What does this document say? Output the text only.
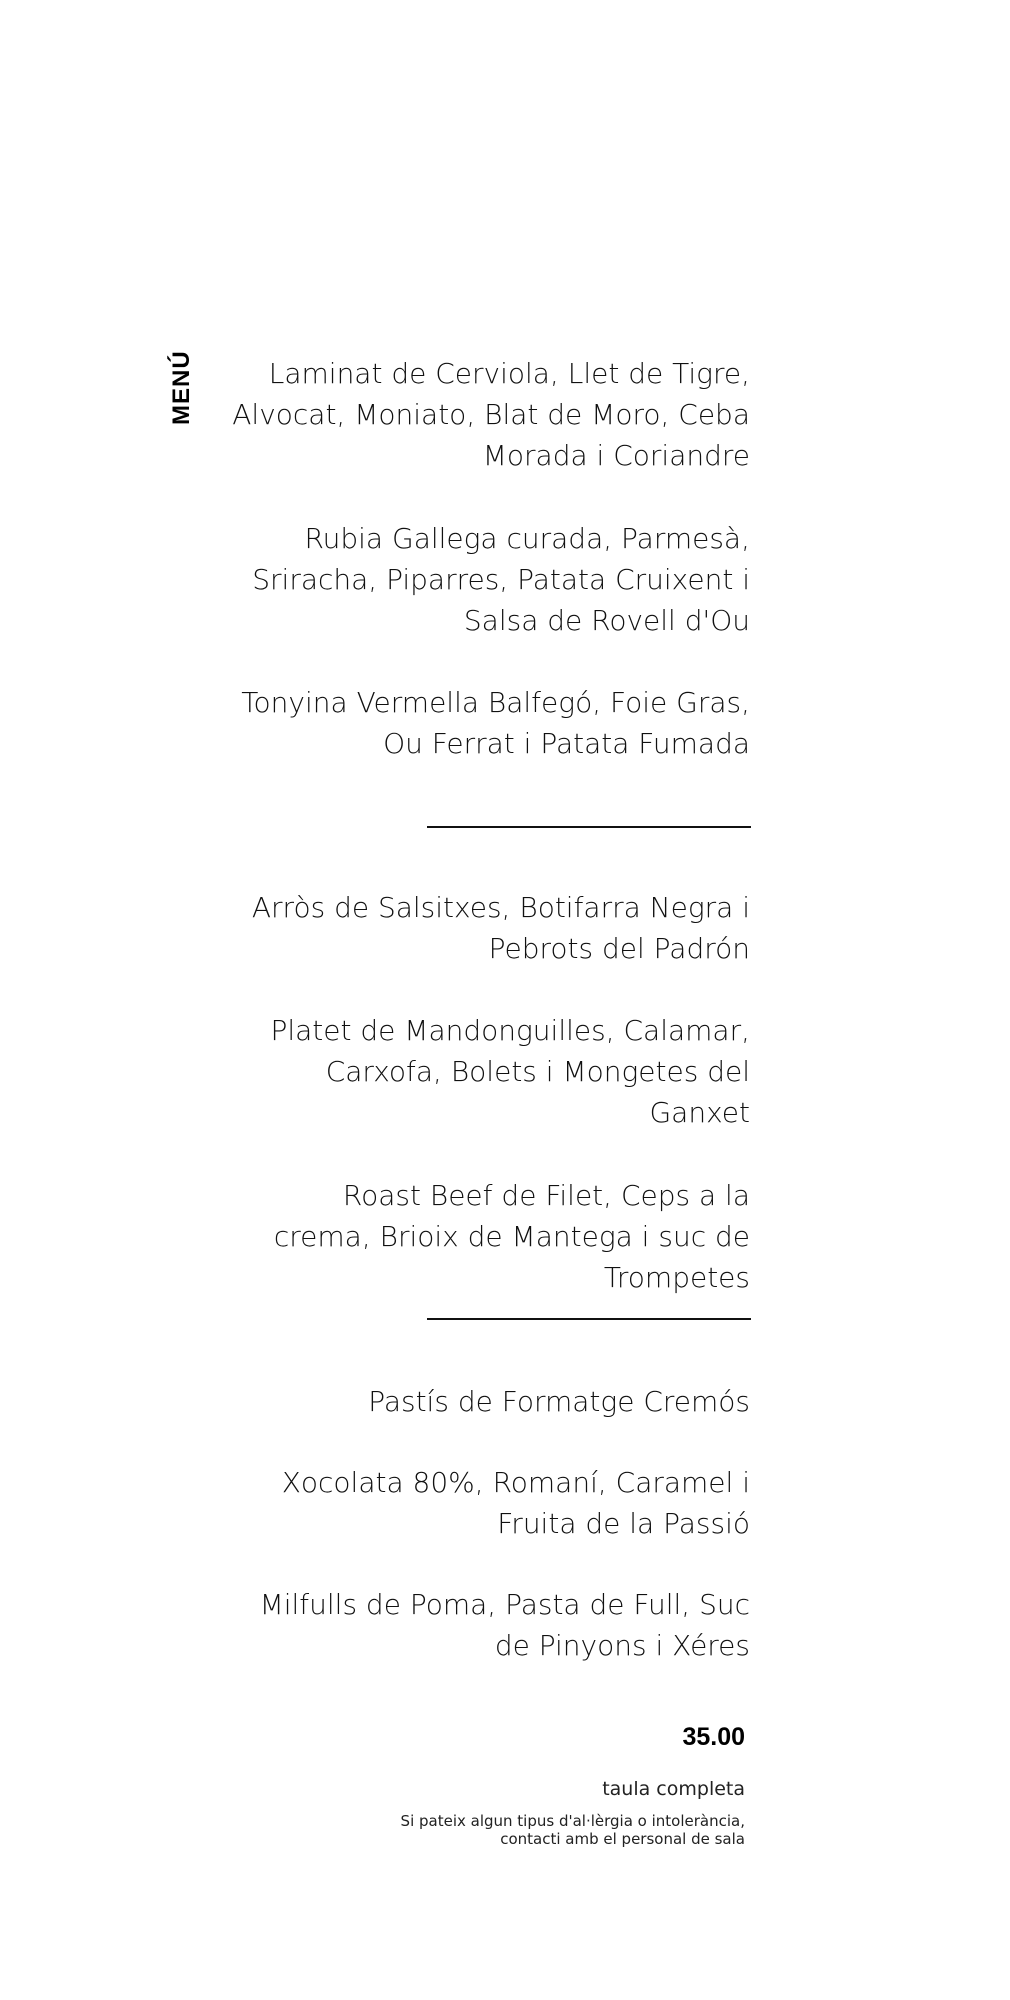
MENÚ	Laminat de Cerviola, Llet de Tigre, Alvocat, Moniato, Blat de Moro, Ceba Morada i Coriandre
Rubia Gallega curada, Parmesà, Sriracha, Piparres, Patata Cruixent i Salsa de Rovell d'Ou
Tonyina Vermella Balfegó, Foie Gras, Ou Ferrat i Patata Fumada
Arròs de Salsitxes, Botifarra Negra i Pebrots del Padrón
Platet de Mandonguilles, Calamar, Carxofa, Bolets i Mongetes del Ganxet
Roast Beef de Filet, Ceps a la crema, Brioix de Mantega i suc de Trompetes
Pastís de Formatge Cremós
Xocolata 80%, Romaní, Caramel i Fruita de la Passió
Milfulls de Poma, Pasta de Full, Suc de Pinyons i Xéres
35.00
taula completa
Si pateix algun tipus d'al·lèrgia o intolerància, contacti amb el personal de sala
